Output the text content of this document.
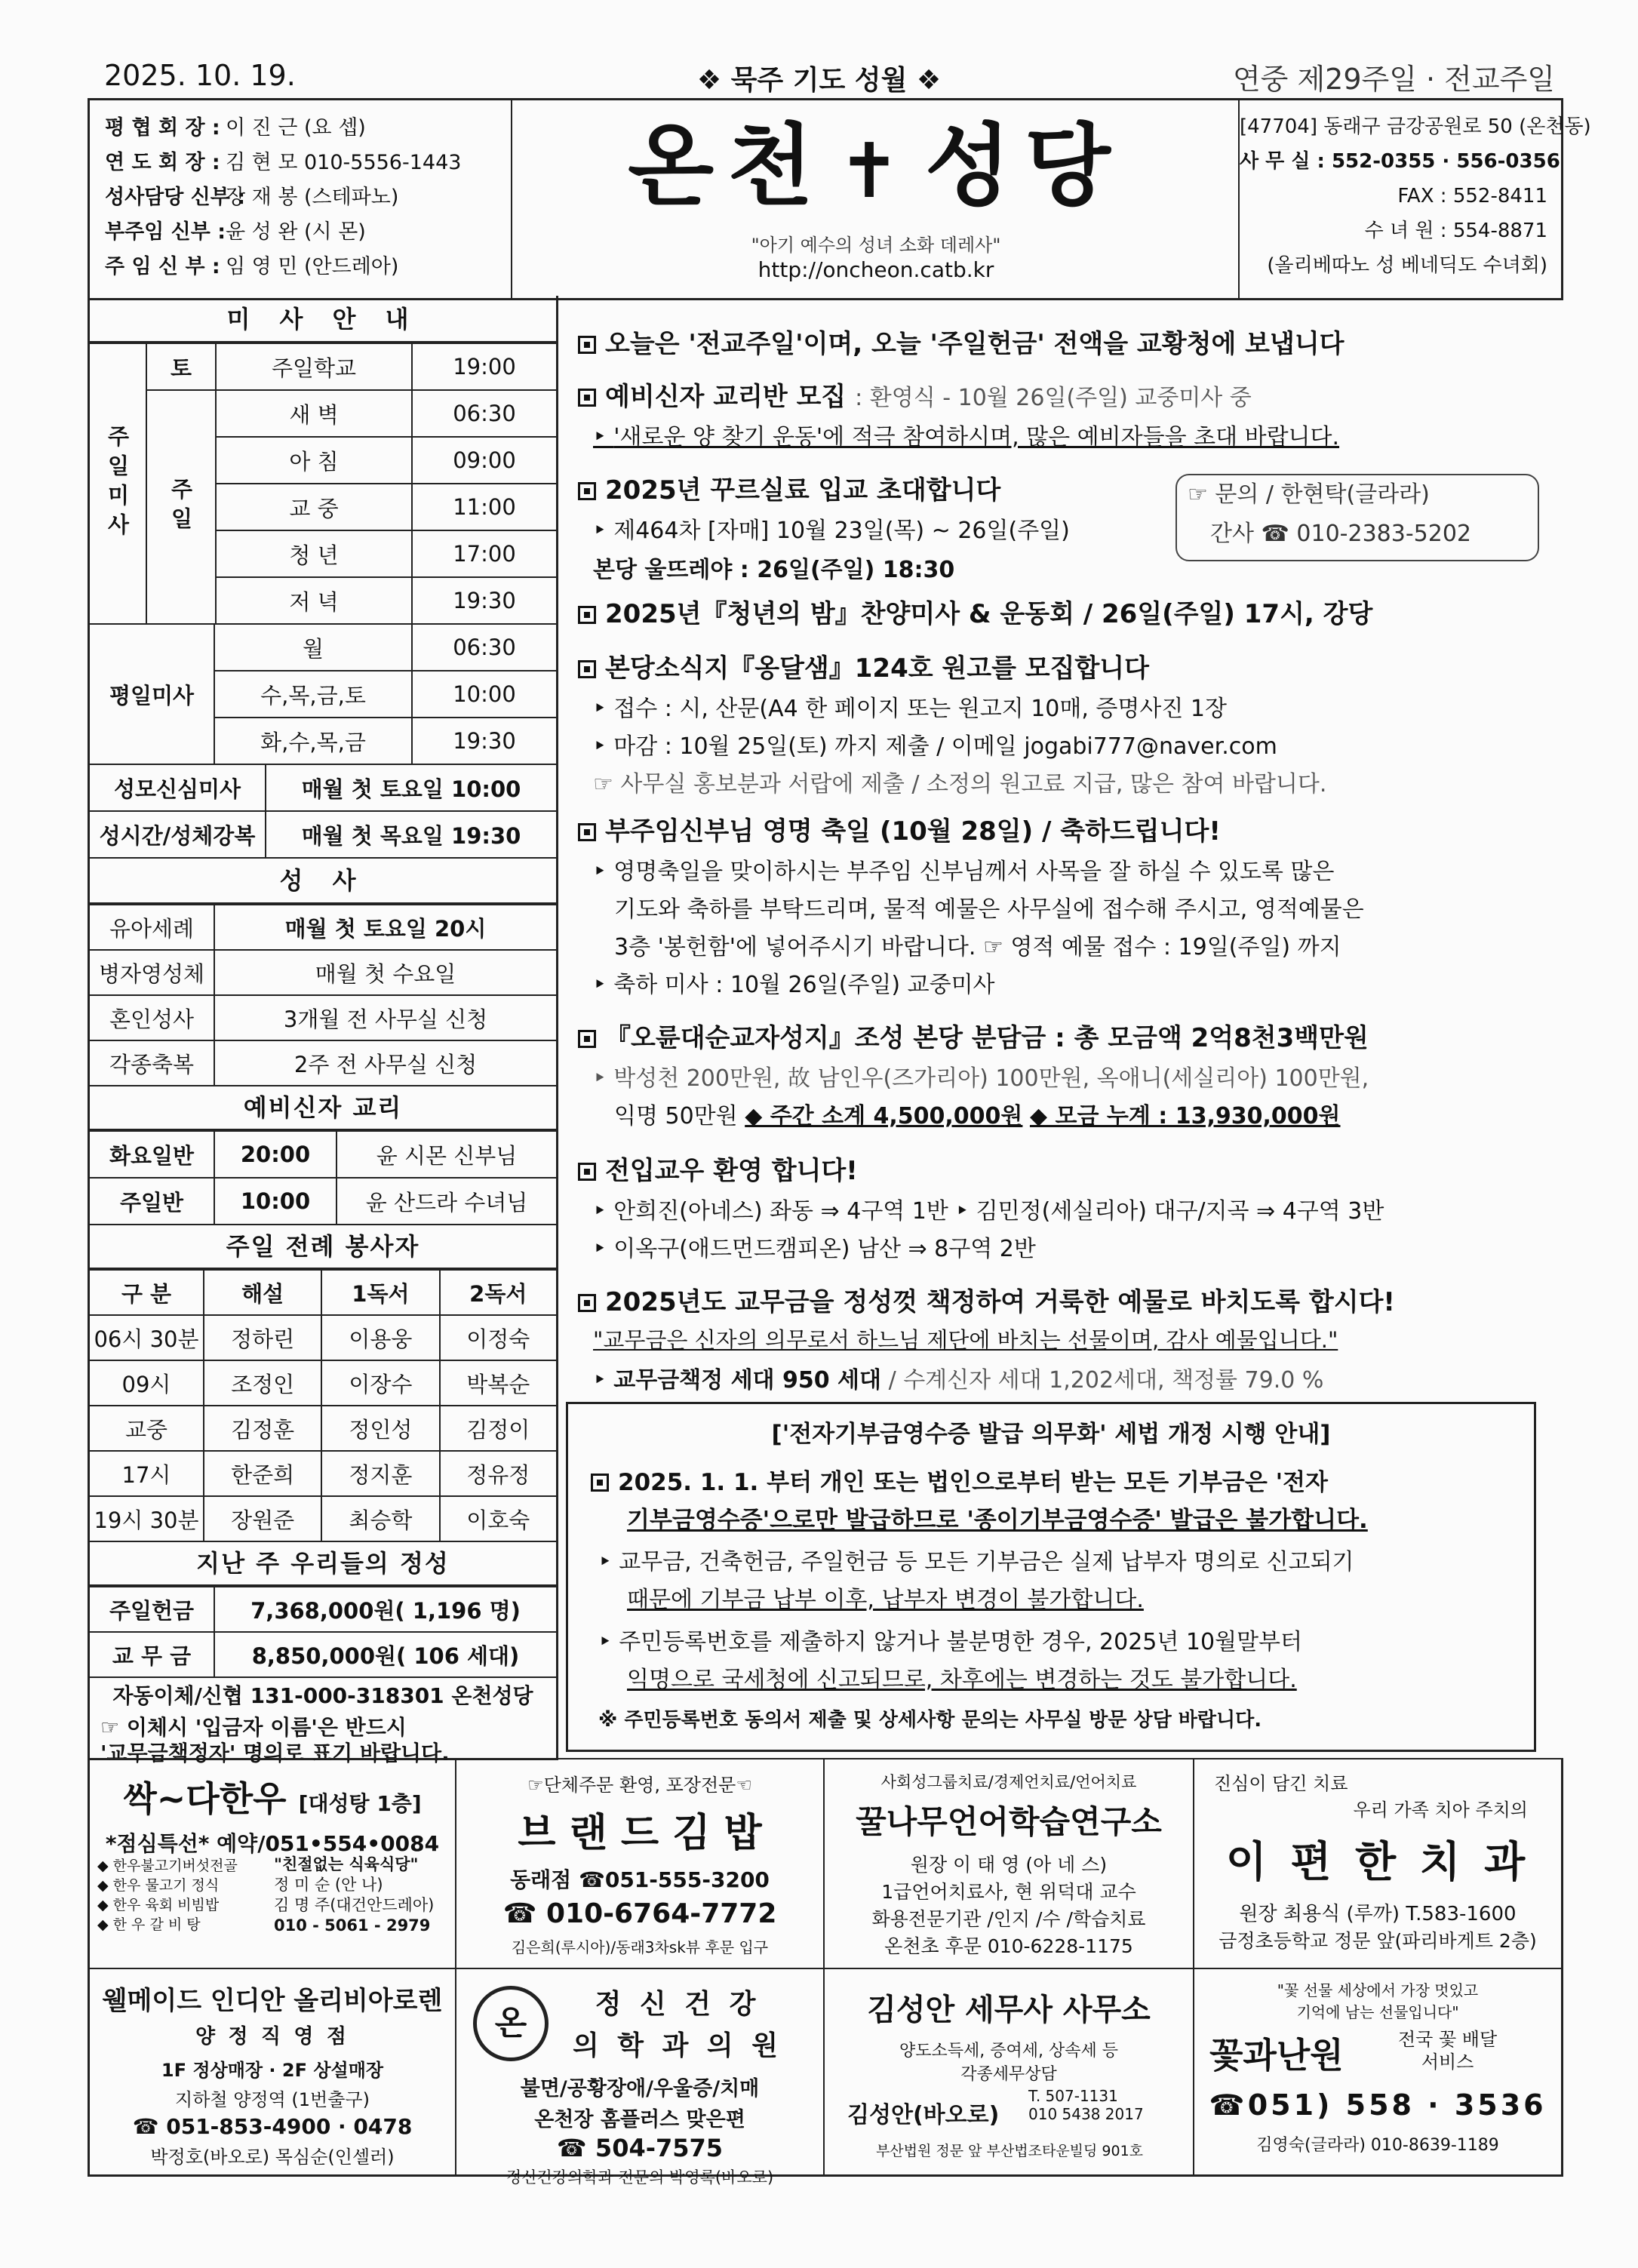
2025. 10. 19.	❖ 묵주 기도 성월 ❖	연중 제29주일 · 전교주일
평 협 회 장 : 이 진 근 (요 셉)
연 도 회 장 : 김 현 모 010-5556-1443
성사담당 신부 :장 재 봉 (스테파노)
부주임 신부 :윤 성 완 (시 몬)
주 임 신 부 : 임 영 민 (안드레아)
온천 ✝ 성당
"아기 예수의 성녀 소화 데레사"
http://oncheon.catb.kr
[47704] 동래구 금강공원로 50 (온천동)
사 무 실 : 552-0355 · 556-0356
FAX : 552-8411
수 녀 원 : 554-8871
(올리베따노 성 베네딕도 수녀회)
미 사 안 내
주일미사	토	주일학교	19:00
	주일	새 벽	06:30
		아 침	09:00
		교 중	11:00
		청 년	17:00
		저 녁	19:30
평일미사	월	06:30
	수,목,금,토	10:00
	화,수,목,금	19:30
성모신심미사	매월 첫 토요일 10:00
성시간/성체강복	매월 첫 목요일 19:30
성 사
유아세례	매월 첫 토요일 20시
병자영성체	매월 첫 수요일
혼인성사	3개월 전 사무실 신청
각종축복	2주 전 사무실 신청
예비신자 교리
화요일반	20:00	윤 시몬 신부님
주일반	10:00	윤 산드라 수녀님
주일 전례 봉사자
구 분	해설	1독서	2독서
06시 30분	정하린	이용웅	이정숙
09시	조정인	이장수	박복순
교중	김정훈	정인성	김정이
17시	한준희	정지훈	정유정
19시 30분	장원준	최승학	이호숙
지난 주 우리들의 정성
주일헌금	7,368,000원( 1,196 명)
교 무 금	8,850,000원( 106 세대)
자동이체/신협 131-000-318301 온천성당
☞ 이체시 '입금자 이름'은 반드시
'교무금책정자' 명의로 표기 바랍니다.
오늘은 '전교주일'이며, 오늘 '주일헌금' 전액을 교황청에 보냅니다
예비신자 교리반 모집 : 환영식 - 10월 26일(주일) 교중미사 중
‣ '새로운 양 찾기 운동'에 적극 참여하시며, 많은 예비자들을 초대 바랍니다.
2025년 꾸르실료 입교 초대합니다
‣ 제464차 [자매] 10월 23일(목) ~ 26일(주일)
본당 울뜨레야 : 26일(주일) 18:30
2025년『청년의 밤』찬양미사 & 운동회 / 26일(주일) 17시, 강당
본당소식지『옹달샘』124호 원고를 모집합니다
‣ 접수 : 시, 산문(A4 한 페이지 또는 원고지 10매, 증명사진 1장
‣ 마감 : 10월 25일(토) 까지 제출 / 이메일 jogabi777@naver.com
☞ 사무실 홍보분과 서랍에 제출 / 소정의 원고료 지급, 많은 참여 바랍니다.
부주임신부님 영명 축일 (10월 28일) / 축하드립니다!
‣ 영명축일을 맞이하시는 부주임 신부님께서 사목을 잘 하실 수 있도록 많은
기도와 축하를 부탁드리며, 물적 예물은 사무실에 접수해 주시고, 영적예물은
3층 '봉헌함'에 넣어주시기 바랍니다. ☞ 영적 예물 접수 : 19일(주일) 까지
‣ 축하 미사 : 10월 26일(주일) 교중미사
『오륜대순교자성지』조성 본당 분담금 : 총 모금액 2억8천3백만원
‣ 박성천 200만원, 故 남인우(즈가리아) 100만원, 옥애니(세실리아) 100만원,
익명 50만원 ◆ 주간 소계 4,500,000원 ◆ 모금 누계 : 13,930,000원
전입교우 환영 합니다!
‣ 안희진(아네스) 좌동 ⇒ 4구역 1반 ‣ 김민정(세실리아) 대구/지곡 ⇒ 4구역 3반
‣ 이옥구(애드먼드캠피온) 남산 ⇒ 8구역 2반
2025년도 교무금을 정성껏 책정하여 거룩한 예물로 바치도록 합시다!
"교무금은 신자의 의무로서 하느님 제단에 바치는 선물이며, 감사 예물입니다."
‣ 교무금책정 세대 950 세대 / 수계신자 세대 1,202세대, 책정률 79.0 %
☞ 문의 / 한현탁(글라라)
간사 ☎ 010-2383-5202
['전자기부금영수증 발급 의무화' 세법 개정 시행 안내]
2025. 1. 1. 부터 개인 또는 법인으로부터 받는 모든 기부금은 '전자
기부금영수증'으로만 발급하므로 '종이기부금영수증' 발급은 불가합니다.
‣ 교무금, 건축헌금, 주일헌금 등 모든 기부금은 실제 납부자 명의로 신고되기
때문에 기부금 납부 이후, 납부자 변경이 불가합니다.
‣ 주민등록번호를 제출하지 않거나 불분명한 경우, 2025년 10월말부터
익명으로 국세청에 신고되므로, 차후에는 변경하는 것도 불가합니다.
※ 주민등록번호 동의서 제출 및 상세사항 문의는 사무실 방문 상담 바랍니다.
싹~다한우 [대성탕 1층]
*점심특선* 예약/051•554•0084
◆ 한우불고기버섯전골
◆ 한우 물고기 정식
◆ 한우 육회 비빔밥
◆ 한 우 갈 비 탕
"친절없는 식육식당"
정 미 순 (안 나)
김 명 주(대건안드레아)
010 - 5061 - 2979
☞단체주문 환영, 포장전문☜
브 랜 드 김 밥
동래점 ☎051-555-3200
☎ 010-6764-7772
김은희(루시아)/동래3차sk뷰 후문 입구
사회성그룹치료/경제언치료/언어치료
꿀나무언어학습연구소
원장 이 태 영 (아 네 스)
1급언어치료사, 현 위덕대 교수
화용전문기관 /인지 /수 /학습치료
온천초 후문 010-6228-1175
진심이 담긴 치료
우리 가족 치아 주치의
이 편 한 치 과
원장 최용식 (루까) T.583-1600
금정초등학교 정문 앞(파리바게트 2층)
웰메이드 인디안 올리비아로렌
양 정 직 영 점
1F 정상매장 · 2F 상설매장
지하철 양정역 (1번출구)
☎ 051-853-4900 · 0478
박정호(바오로) 목심순(인셀러)
온	정 신 건 강
의 학 과 의 원
불면/공황장애/우울증/치매
온천장 홈플러스 맞은편
☎ 504-7575
정신건강의학과 전문의 박영록(바오로)
김성안 세무사 사무소
양도소득세, 증여세, 상속세 등
각종세무상담
김성안(바오로)
T. 507-1131
010 5438 2017
부산법원 정문 앞 부산법조타운빌딩 901호
"꽃 선물 세상에서 가장 멋있고
기억에 남는 선물입니다"
꽃과난원	전국 꽃 배달
서비스
☎051) 558 · 3536
김영숙(글라라) 010-8639-1189
